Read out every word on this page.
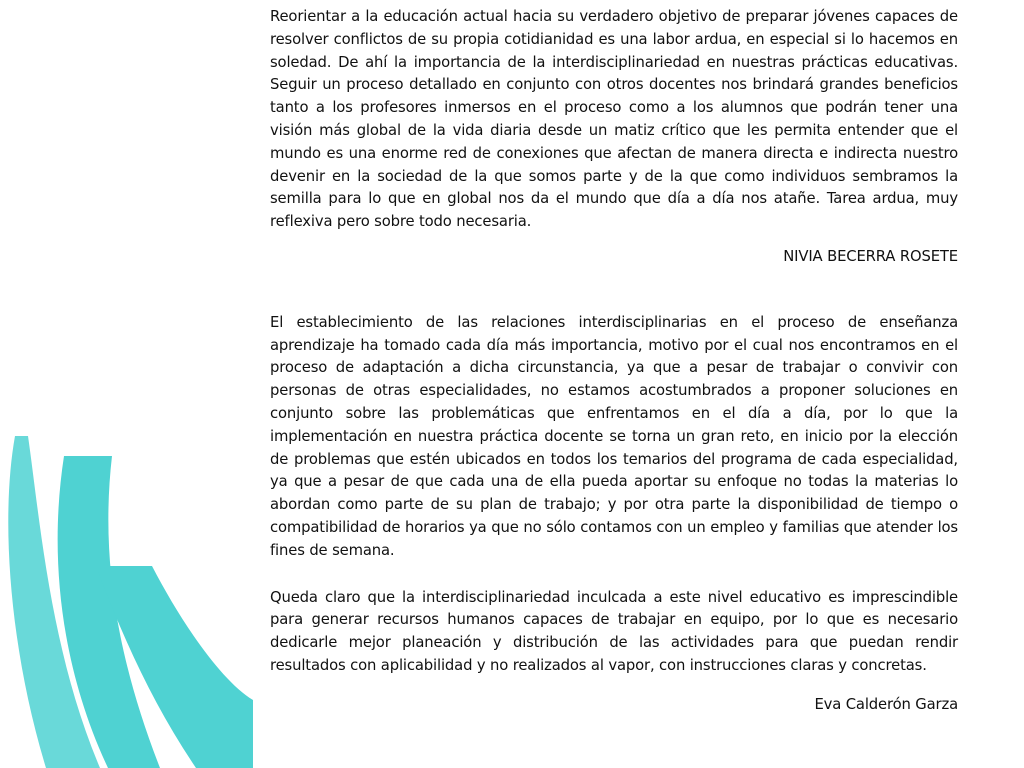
Reorientar a la educación actual hacia su verdadero objetivo de preparar jóvenes capaces de resolver conflictos de su propia cotidianidad es una labor ardua, en especial si lo hacemos en soledad. De ahí la importancia de la interdisciplinariedad en nuestras prácticas educativas. Seguir un proceso detallado en conjunto con otros docentes nos brindará grandes beneficios tanto a los profesores inmersos en el proceso como a los alumnos que podrán tener una visión más global de la vida diaria desde un matiz crítico que les permita entender que el mundo es una enorme red de conexiones que afectan de manera directa e indirecta nuestro devenir en la sociedad de la que somos parte y de la que como individuos sembramos la semilla para lo que en global nos da el mundo que día a día nos atañe. Tarea ardua, muy reflexiva pero sobre todo necesaria.

NIVIA BECERRA ROSETE

El establecimiento de las relaciones interdisciplinarias en el proceso de enseñanza aprendizaje ha tomado cada día más importancia, motivo por el cual nos encontramos en el proceso de adaptación a dicha circunstancia, ya que a pesar de trabajar o convivir con personas de otras especialidades, no estamos acostumbrados a proponer soluciones en conjunto sobre las problemáticas que enfrentamos en el día a día, por lo que la implementación en nuestra práctica docente se torna un gran reto, en inicio por la elección de problemas que estén ubicados en todos los temarios del programa de cada especialidad, ya que a pesar de que cada una de ella pueda aportar su enfoque no todas la materias lo abordan como parte de su plan de trabajo; y por otra parte la disponibilidad de tiempo o compatibilidad de horarios ya que no sólo contamos con un empleo y familias que atender los fines de semana.

Queda claro que la interdisciplinariedad inculcada a este nivel educativo es imprescindible para generar recursos humanos capaces de trabajar en equipo, por lo que es necesario dedicarle mejor planeación y distribución de las actividades para que puedan rendir resultados con aplicabilidad y no realizados al vapor, con instrucciones claras y concretas.

Eva Calderón Garza
